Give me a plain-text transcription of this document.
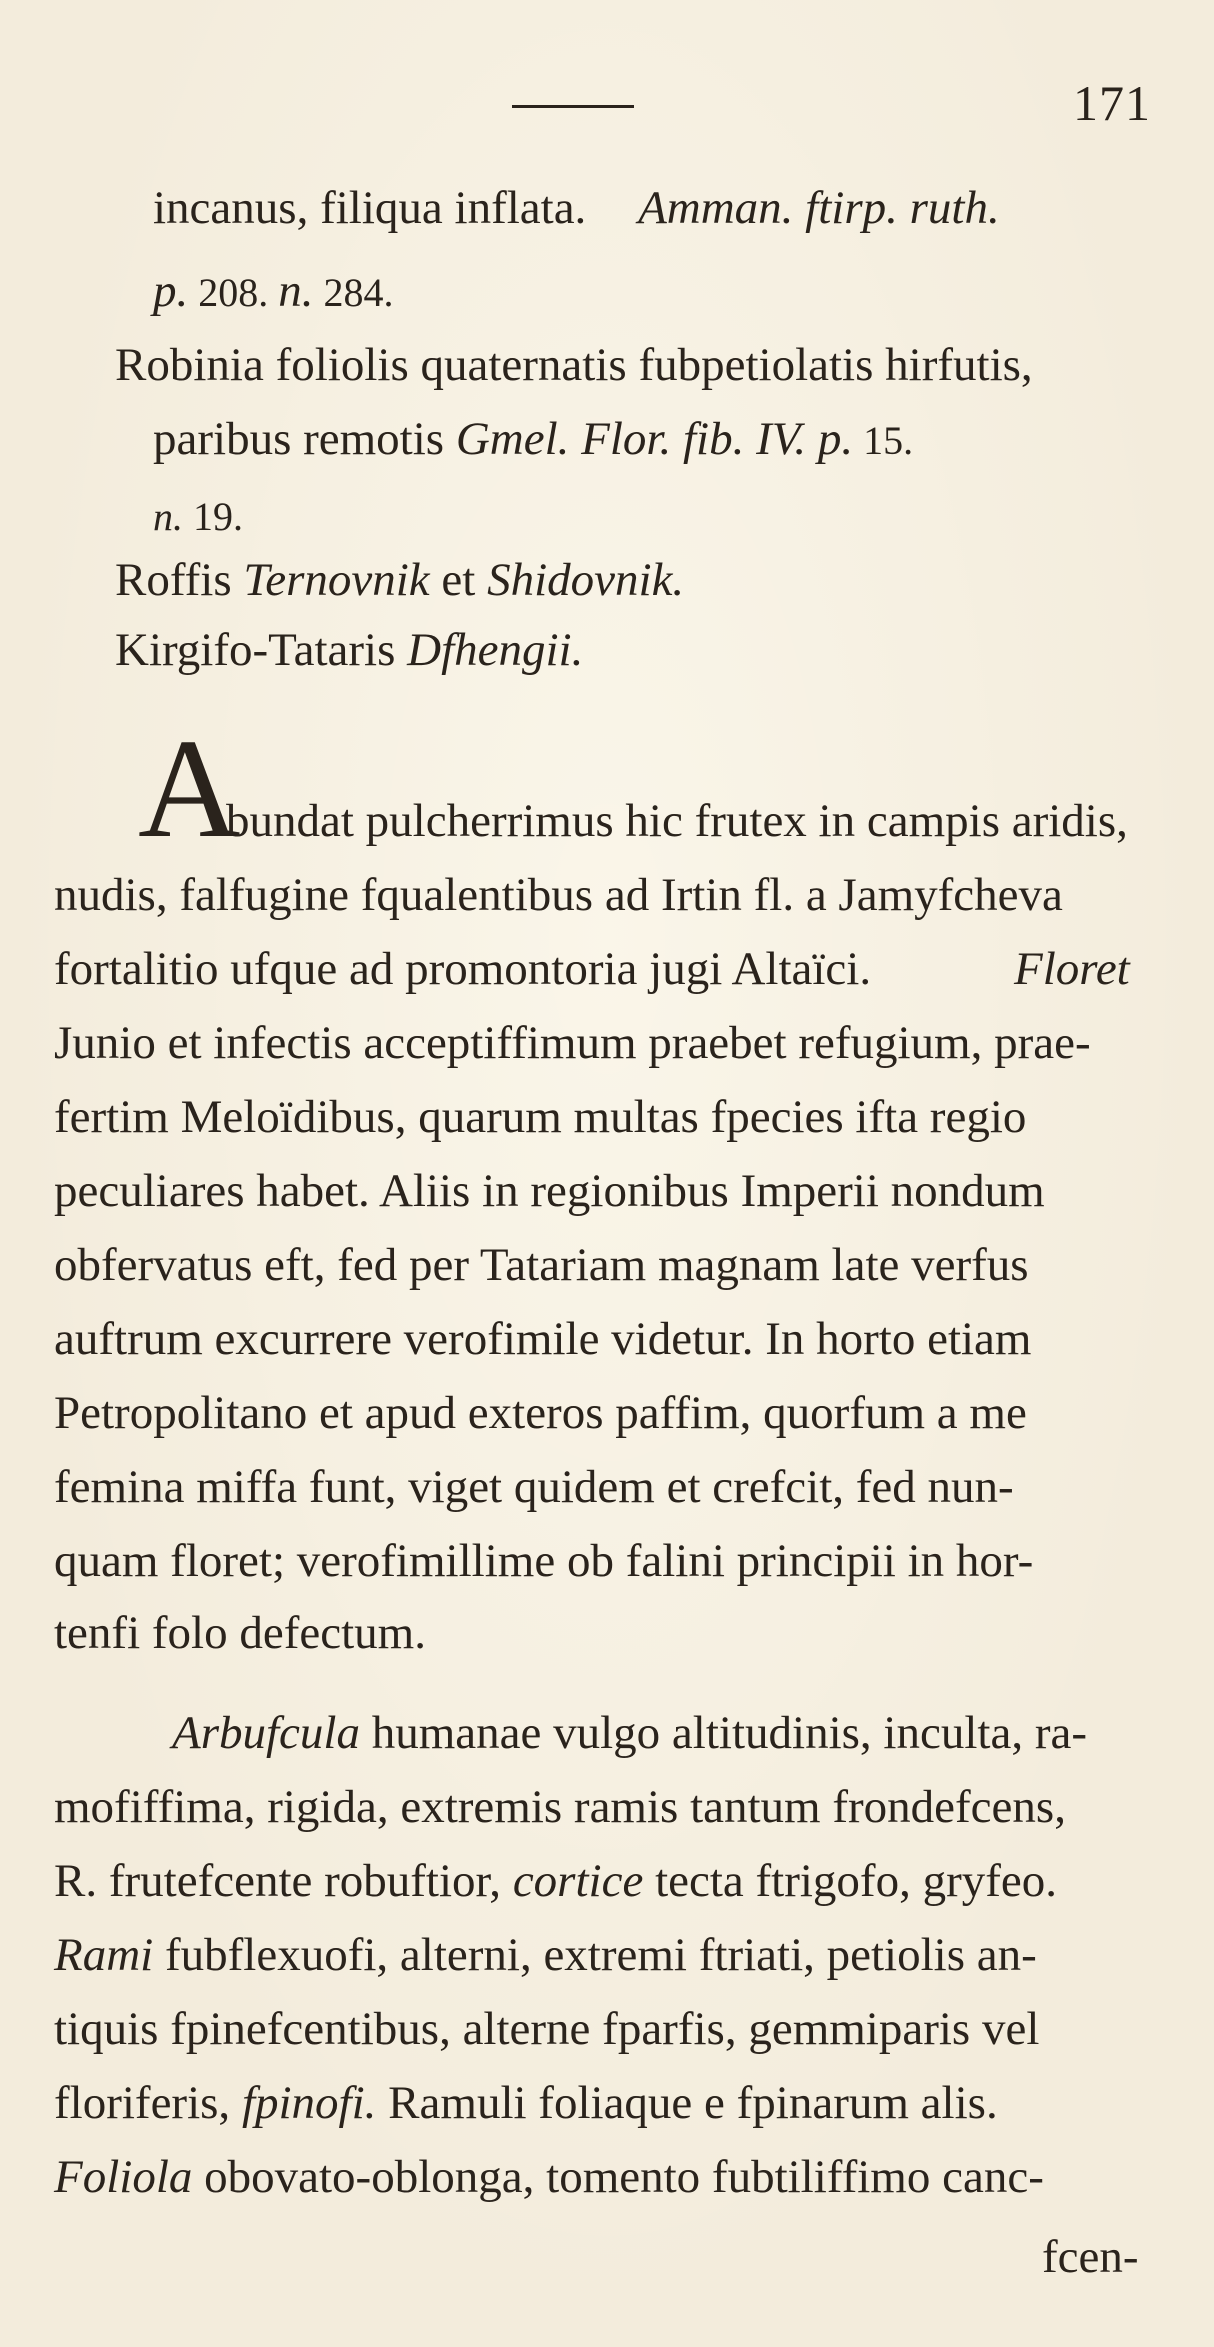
171
incanus, filiqua inflata. Amman. ftirp. ruth.
p. 208. n. 284.
Robinia foliolis quaternatis fubpetiolatis hirfutis,
paribus remotis Gmel. Flor. fib. IV. p. 15.
n. 19.
Roffis Ternovnik et Shidovnik.
Kirgifo-Tataris Dfhengii.
A
bundat pulcherrimus hic frutex in campis aridis,
nudis, falfugine fqualentibus ad Irtin fl. a Jamyfcheva
fortalitio ufque ad promontoria jugi Altaïci.	Floret
Junio et infectis acceptiffimum praebet refugium, prae-
fertim Meloïdibus, quarum multas fpecies ifta regio
peculiares habet. Aliis in regionibus Imperii nondum
obfervatus eft, fed per Tatariam magnam late verfus
auftrum excurrere verofimile videtur. In horto etiam
Petropolitano et apud exteros paffim, quorfum a me
femina miffa funt, viget quidem et crefcit, fed nun-
quam floret; verofimillime ob falini principii in hor-
tenfi folo defectum.
Arbufcula humanae vulgo altitudinis, inculta, ra-
mofiffima, rigida, extremis ramis tantum frondefcens,
R. frutefcente robuftior, cortice tecta ftrigofo, gryfeo.
Rami fubflexuofi, alterni, extremi ftriati, petiolis an-
tiquis fpinefcentibus, alterne fparfis, gemmiparis vel
floriferis, fpinofi. Ramuli foliaque e fpinarum alis.
Foliola obovato-oblonga, tomento fubtiliffimo canc-
fcen-
